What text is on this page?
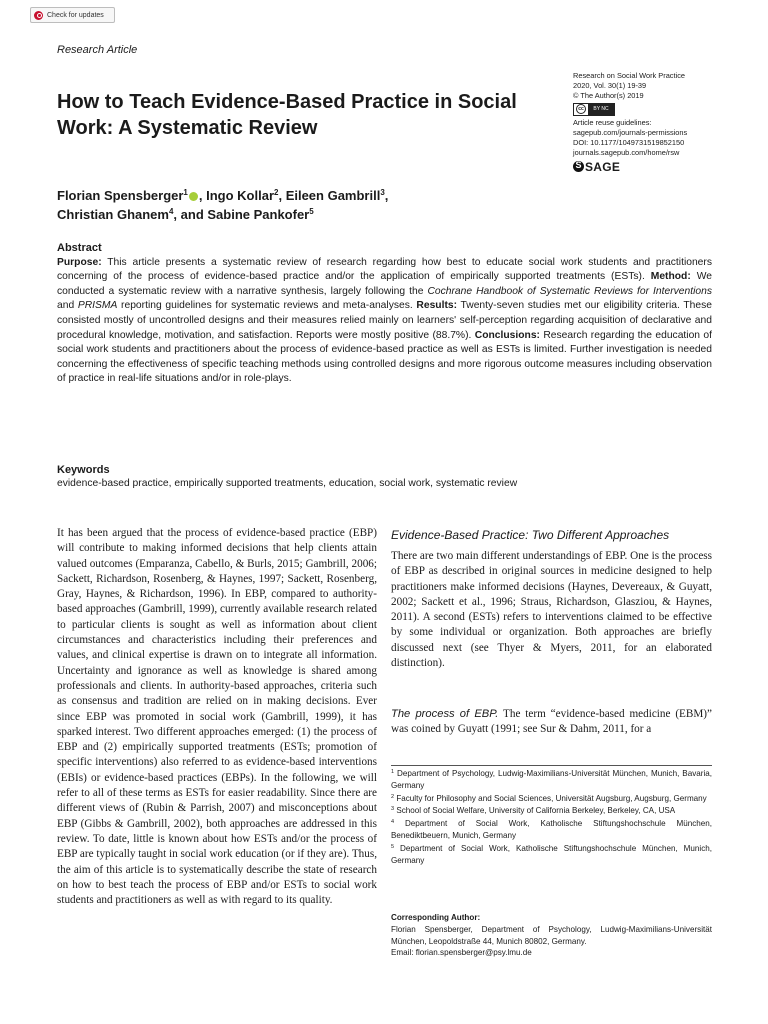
Check for updates
Research Article
Research on Social Work Practice
2020, Vol. 30(1) 19-39
© The Author(s) 2019
cc	BY NC
Article reuse guidelines:
sagepub.com/journals-permissions
DOI: 10.1177/1049731519852150
journals.sagepub.com/home/rsw
S
SAGE
How to Teach Evidence-Based Practice in Social Work: A Systematic Review
Florian Spensberger$^1$ , Ingo Kollar$^2$, Eileen Gambrill$^3$,
Christian Ghanem$^4$, and Sabine Pankofer$^5$
Abstract
Purpose: This article presents a systematic review of research regarding how best to educate social work students and practitioners concerning of the process of evidence-based practice and/or the application of empirically supported treatments (ESTs). Method: We conducted a systematic review with a narrative synthesis, largely following the Cochrane Handbook of Systematic Reviews for Interventions and PRISMA reporting guidelines for systematic reviews and meta-analyses. Results: Twenty-seven studies met our eligibility criteria. These consisted mostly of uncontrolled designs and their measures relied mainly on learners' self-perception regarding acquisition of declarative and procedural knowledge, motivation, and satisfaction. Reports were mostly positive (88.7%). Conclusions: Research regarding the education of social work students and practitioners about the process of evidence-based practice as well as ESTs is limited. Further investigation is needed concerning the effectiveness of specific teaching methods using controlled designs and more rigorous outcome measures including observation of practice in real-life situations and/or in role-plays.
Keywords
evidence-based practice, empirically supported treatments, education, social work, systematic review
It has been argued that the process of evidence-based practice (EBP) will contribute to making informed decisions that help clients attain valued outcomes (Emparanza, Cabello, & Burls, 2015; Gambrill, 2006; Sackett, Richardson, Rosenberg, & Haynes, 1997; Sackett, Rosenberg, Gray, Haynes, & Richardson, 1996). In EBP, compared to authority-based approaches (Gambrill, 1999), currently available research related to particular clients is sought as well as information about client circumstances and characteristics including their preferences and values, and clinical expertise is drawn on to integrate all information. Uncertainty and ignorance as well as knowledge is shared among professionals and clients. In authority-based approaches, criteria such as consensus and tradition are relied on in making decisions. Ever since EBP was promoted in social work (Gambrill, 1999), it has sparked interest. Two different approaches emerged: (1) the process of EBP and (2) empirically supported treatments (ESTs; promotion of specific interventions) also referred to as evidence-based interventions (EBIs) or evidence-based practices (EBPs). In the following, we will refer to all of these terms as ESTs for easier readability. Since there are different views of (Rubin & Parrish, 2007) and misconceptions about EBP (Gibbs & Gambrill, 2002), both approaches are addressed in this review. To date, little is known about how ESTs and/or the process of EBP are typically taught in social work education (or if they are). Thus, the aim of this article is to systematically describe the state of research on how to best teach the process of EBP and/or ESTs to social work students and practitioners as well as with regard to its quality.
Evidence-Based Practice: Two Different Approaches
There are two main different understandings of EBP. One is the process of EBP as described in original sources in medicine designed to help practitioners make informed decisions (Haynes, Devereaux, & Guyatt, 2002; Sackett et al., 1996; Straus, Richardson, Glasziou, & Haynes, 2011). A second (ESTs) refers to interventions claimed to be effective by some individual or organization. Both approaches are briefly discussed next (see Thyer & Myers, 2011, for an elaborated distinction).
The process of EBP. The term “evidence-based medicine (EBM)” was coined by Guyatt (1991; see Sur & Dahm, 2011, for a
$^1$ Department of Psychology, Ludwig-Maximilians-Universität München, Munich, Bavaria, Germany
$^2$ Faculty for Philosophy and Social Sciences, Universität Augsburg, Augsburg, Germany
$^3$ School of Social Welfare, University of California Berkeley, Berkeley, CA, USA
$^4$ Department of Social Work, Katholische Stiftungshochschule München, Benediktbeuern, Munich, Germany
$^5$ Department of Social Work, Katholische Stiftungshochschule München, Munich, Germany
Corresponding Author:
Florian Spensberger, Department of Psychology, Ludwig-Maximilians-Universität München, Leopoldstraße 44, Munich 80802, Germany.
Email: florian.spensberger@psy.lmu.de
